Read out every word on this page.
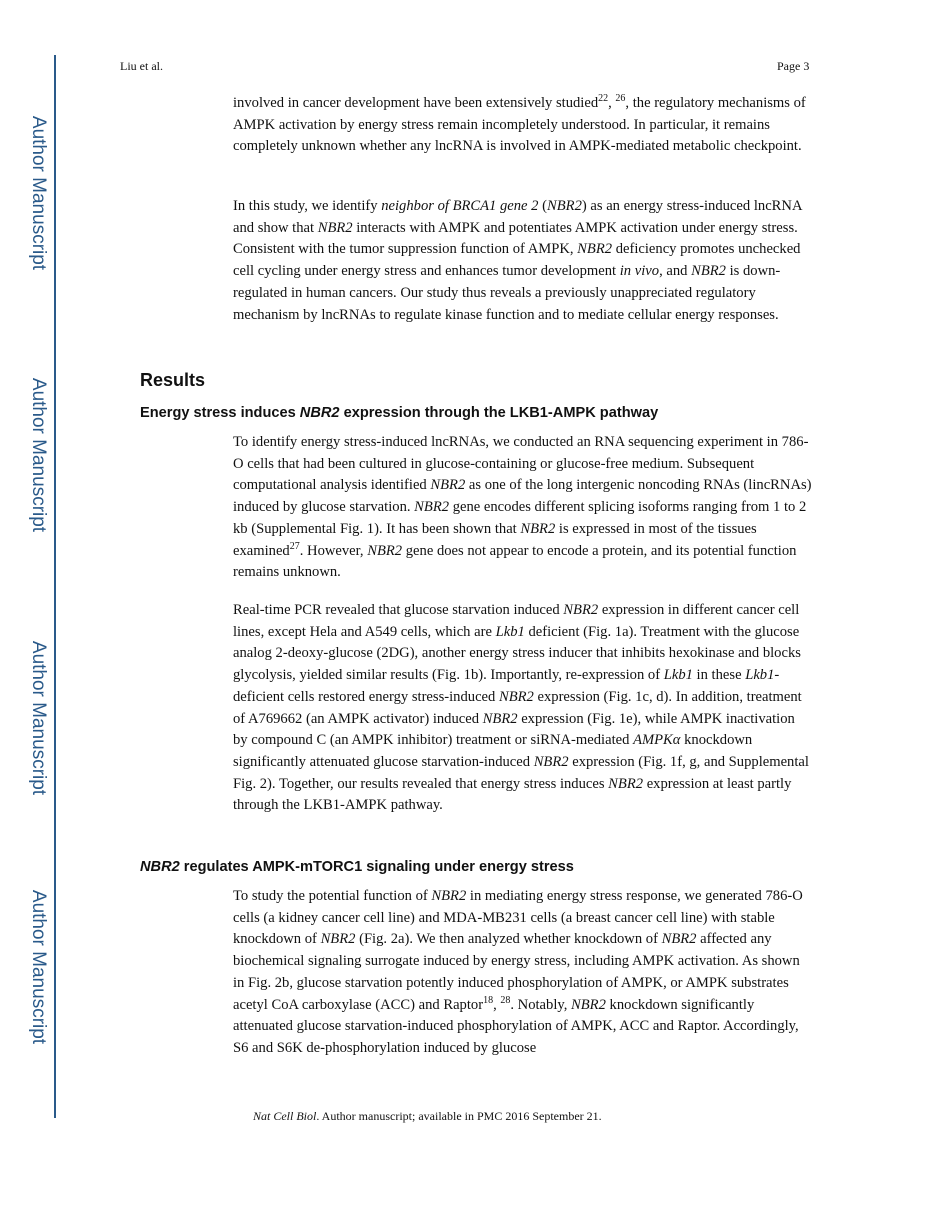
Author Manuscript
Author Manuscript
Author Manuscript
Author Manuscript
Liu et al.	Page 3

involved in cancer development have been extensively studied$^{22}$, $^{26}$, the regulatory mechanisms of AMPK activation by energy stress remain incompletely understood. In particular, it remains completely unknown whether any lncRNA is involved in AMPK-mediated metabolic checkpoint.

In this study, we identify neighbor of BRCA1 gene 2 (NBR2) as an energy stress-induced lncRNA and show that NBR2 interacts with AMPK and potentiates AMPK activation under energy stress. Consistent with the tumor suppression function of AMPK, NBR2 deficiency promotes unchecked cell cycling under energy stress and enhances tumor development in vivo, and NBR2 is down-regulated in human cancers. Our study thus reveals a previously unappreciated regulatory mechanism by lncRNAs to regulate kinase function and to mediate cellular energy responses.

Results
Energy stress induces NBR2 expression through the LKB1-AMPK pathway

To identify energy stress-induced lncRNAs, we conducted an RNA sequencing experiment in 786-O cells that had been cultured in glucose-containing or glucose-free medium. Subsequent computational analysis identified NBR2 as one of the long intergenic noncoding RNAs (lincRNAs) induced by glucose starvation. NBR2 gene encodes different splicing isoforms ranging from 1 to 2 kb (Supplemental Fig. 1). It has been shown that NBR2 is expressed in most of the tissues examined$^{27}$. However, NBR2 gene does not appear to encode a protein, and its potential function remains unknown.

Real-time PCR revealed that glucose starvation induced NBR2 expression in different cancer cell lines, except Hela and A549 cells, which are Lkb1 deficient (Fig. 1a). Treatment with the glucose analog 2-deoxy-glucose (2DG), another energy stress inducer that inhibits hexokinase and blocks glycolysis, yielded similar results (Fig. 1b). Importantly, re-expression of Lkb1 in these Lkb1-deficient cells restored energy stress-induced NBR2 expression (Fig. 1c, d). In addition, treatment of A769662 (an AMPK activator) induced NBR2 expression (Fig. 1e), while AMPK inactivation by compound C (an AMPK inhibitor) treatment or siRNA-mediated AMPKα knockdown significantly attenuated glucose starvation-induced NBR2 expression (Fig. 1f, g, and Supplemental Fig. 2). Together, our results revealed that energy stress induces NBR2 expression at least partly through the LKB1-AMPK pathway.

NBR2 regulates AMPK-mTORC1 signaling under energy stress

To study the potential function of NBR2 in mediating energy stress response, we generated 786-O cells (a kidney cancer cell line) and MDA-MB231 cells (a breast cancer cell line) with stable knockdown of NBR2 (Fig. 2a). We then analyzed whether knockdown of NBR2 affected any biochemical signaling surrogate induced by energy stress, including AMPK activation. As shown in Fig. 2b, glucose starvation potently induced phosphorylation of AMPK, or AMPK substrates acetyl CoA carboxylase (ACC) and Raptor$^{18}$, $^{28}$. Notably, NBR2 knockdown significantly attenuated glucose starvation-induced phosphorylation of AMPK, ACC and Raptor. Accordingly, S6 and S6K de-phosphorylation induced by glucose

Nat Cell Biol. Author manuscript; available in PMC 2016 September 21.
